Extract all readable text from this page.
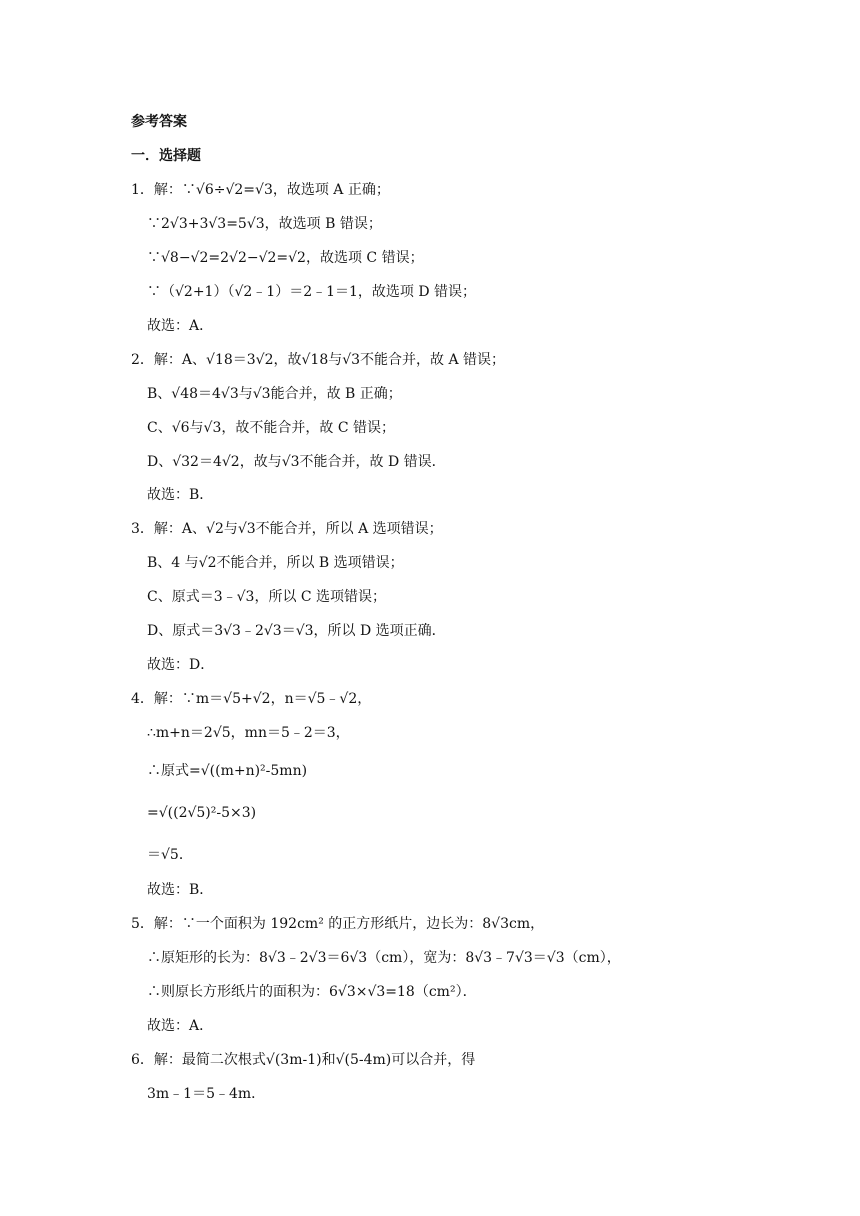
参考答案
一．选择题
1．解：∵√6÷√2=√3，故选项 A 正确；
∵2√3+3√3=5√3，故选项 B 错误；
∵√8−√2=2√2−√2=√2，故选项 C 错误；
∵（√2+1）（√2﹣1）＝2﹣1＝1，故选项 D 错误；
故选：A．
2．解：A、√18＝3√2，故√18与√3不能合并，故 A 错误；
B、√48＝4√3与√3能合并，故 B 正确；
C、√6与√3，故不能合并，故 C 错误；
D、√32＝4√2，故与√3不能合并，故 D 错误．
故选：B．
3．解：A、√2与√3不能合并，所以 A 选项错误；
B、4 与√2不能合并，所以 B 选项错误；
C、原式＝3﹣√3，所以 C 选项错误；
D、原式＝3√3﹣2√3＝√3，所以 D 选项正确．
故选：D．
4．解：∵m＝√5+√2，n＝√5﹣√2，
∴m+n＝2√5，mn＝5﹣2＝3，
∴原式=√((m+n)²-5mn)
=√((2√5)²-5×3)
＝√5．
故选：B．
5．解：∵一个面积为 192cm² 的正方形纸片，边长为：8√3cm，
∴原矩形的长为：8√3﹣2√3＝6√3（cm），宽为：8√3﹣7√3＝√3（cm），
∴则原长方形纸片的面积为：6√3×√3=18（cm²）．
故选：A．
6．解：最简二次根式√(3m-1)和√(5-4m)可以合并，得
3m﹣1＝5﹣4m．
